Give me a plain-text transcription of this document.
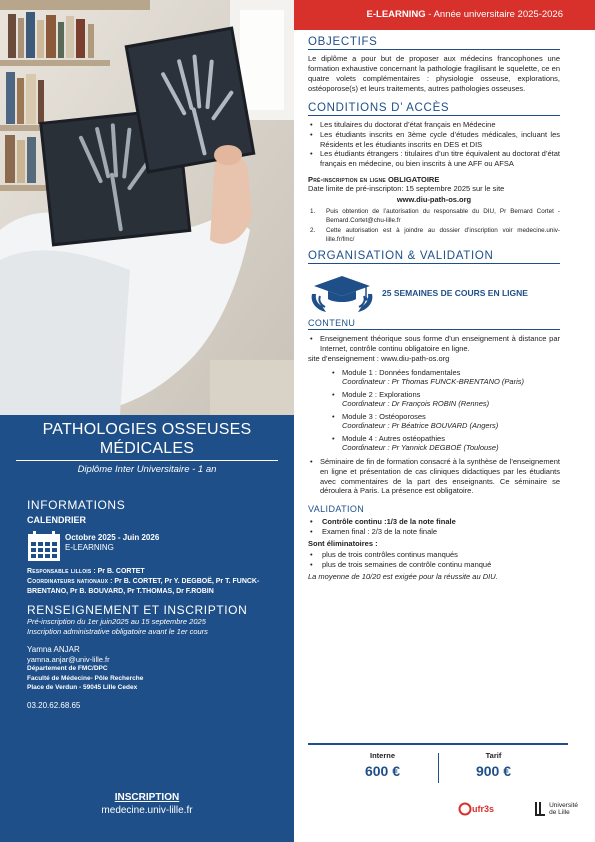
PATHOLOGIES OSSEUSES MÉDICALES
Diplôme Inter Universitaire - 1 an
INFORMATIONS
CALENDRIER
Octobre 2025 - Juin 2026
E-LEARNING
Responsable lillois : Pr B. CORTET
Coordinateurs nationaux : Pr B. CORTET, Pr Y. DEGBOË, Pr T. FUNCK-BRENTANO, Pr B. BOUVARD, Pr T.THOMAS, Dr F.ROBIN
RENSEIGNEMENT ET INSCRIPTION
Pré-inscription du 1er juin2025 au 15 septembre 2025
Inscription administrative obligatoire avant le 1er cours
Yamna ANJAR
yamna.anjar@univ-lille.fr
Département de FMC/DPC
Faculté de Médecine- Pôle Recherche
Place de Verdun - 59045 Lille Cedex
03.20.62.68.65
INSCRIPTION
medecine.univ-lille.fr
E-LEARNING - Année universitaire 2025-2026
OBJECTIFS
Le diplôme a pour but de proposer aux médecins francophones une formation exhaustive concernant la pathologie fragilisant le squelette, ce en quatre volets complémentaires : physiologie osseuse, explorations, ostéoporose(s) et leurs traitements, autres pathologies osseuses.
CONDITIONS D’ ACCÈS
• Les titulaires du doctorat d’état français en Médecine
• Les étudiants inscrits en 3ème cycle d’études médicales, incluant les Résidents et les étudiants inscrits en DES et DIS
• Les étudiants étrangers : titulaires d’un titre équivalent au doctorat d’état français en médecine, ou bien inscrits à une AFF ou AFSA
Pré-inscription en ligne OBLIGATOIRE
Date limite de pré-inscripton: 15 septembre 2025 sur le site
www.diu-path-os.org
1. Puis obtention de l’autorisation du responsable du DIU, Pr Bernard Cortet - Bernard.Cortet@chu-lille.fr
2. Cette autorisation est à joindre au dossier d’inscription voir medecine.univ-lille.fr/fmc/
ORGANISATION & VALIDATION
25 SEMAINES DE COURS EN LIGNE
CONTENU
• Enseignement théorique sous forme d’un enseignement à distance par Internet, contrôle continu obligatoire en ligne.
site d’enseignement : www.diu-path-os.org
• Module 1 : Données fondamentales
Coordinateur : Pr Thomas FUNCK-BRENTANO (Paris)
• Module 2 : Explorations
Coordinateur : Dr François ROBIN (Rennes)
• Module 3 : Ostéoporoses
Coordinateur : Pr Béatrice BOUVARD (Angers)
• Module 4 : Autres ostéopathies
Coordinateur : Pr Yannick DEGBOË (Toulouse)
• Séminaire de fin de formation consacré à la synthèse de l’enseignement en ligne et présentation de cas cliniques didactiques par les étudiants avec commentaires de la part des enseignants. Ce séminaire se déroulera à Paris. La présence est obligatoire.
VALIDATION
• Contrôle continu :1/3 de la note finale
• Examen final : 2/3 de la note finale
Sont éliminatoires :
• plus de trois contrôles continus manqués
• plus de trois semaines de contrôle continu manqué
La moyenne de 10/20 est exigée pour la réussite au DIU.
Interne
600 €
Tarif
900 €
ufr3s	Université
de Lille
